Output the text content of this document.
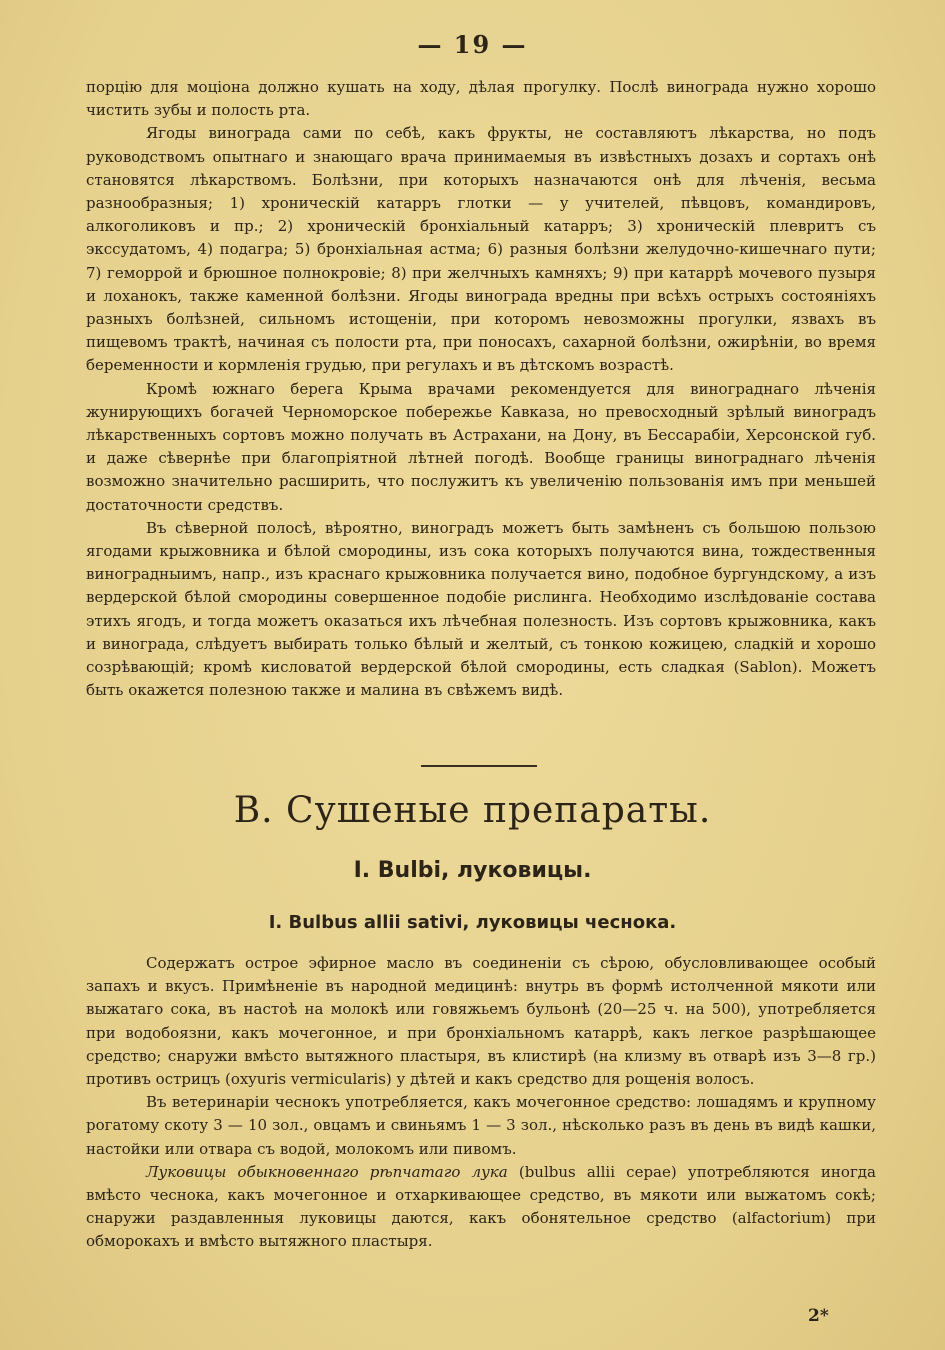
— 19 —

порцію для моціона должно кушать на ходу, дѣлая прогулку. Послѣ винограда нужно хорошо чистить зубы и полость рта.

Ягоды винограда сами по себѣ, какъ фрукты, не составляютъ лѣкарства, но подъ руководствомъ опытнаго и знающаго врача принимаемыя въ извѣстныхъ дозахъ и сортахъ онѣ становятся лѣкарствомъ. Болѣзни, при которыхъ назначаются онѣ для лѣченія, весьма разнообразныя; 1) хроническій катарръ глотки — у учителей, пѣвцовъ, командировъ, алкоголиковъ и пр.; 2) хроническій бронхіальный катарръ; 3) хроническій плевритъ съ экссудатомъ, 4) подагра; 5) бронхіальная астма; 6) разныя болѣзни желудочно-кишечнаго пути; 7) геморрой и брюшное полнокровіе; 8) при желчныхъ камняхъ; 9) при катаррѣ мочевого пузыря и лоханокъ, также каменной болѣзни. Ягоды винограда вредны при всѣхъ острыхъ состояніяхъ разныхъ болѣзней, сильномъ истощеніи, при которомъ невозможны прогулки, язвахъ въ пищевомъ трактѣ, начиная съ полости рта, при поносахъ, сахарной болѣзни, ожирѣніи, во время беременности и кормленія грудью, при регулахъ и въ дѣтскомъ возрастѣ.

Кромѣ южнаго берега Крыма врачами рекомендуется для винограднаго лѣченія жунирующихъ богачей Черноморское побережье Кавказа, но превосходный зрѣлый виноградъ лѣкарственныхъ сортовъ можно получать въ Астрахани, на Дону, въ Бессарабіи, Херсонской губ. и даже сѣвернѣе при благопріятной лѣтней погодѣ. Вообще границы винограднаго лѣченія возможно значительно расширить, что послужитъ къ увеличенію пользованія имъ при меньшей достаточности средствъ.

Въ сѣверной полосѣ, вѣроятно, виноградъ можетъ быть замѣненъ съ большою пользою ягодами крыжовника и бѣлой смородины, изъ сока которыхъ получаются вина, тождественныя виноградныимъ, напр., изъ краснаго крыжовника получается вино, подобное бургундскому, а изъ вердерской бѣлой смородины совершенное подобіе рислинга. Необходимо изслѣдованіе состава этихъ ягодъ, и тогда можетъ оказаться ихъ лѣчебная полезность. Изъ сортовъ крыжовника, какъ и винограда, слѣдуетъ выбирать только бѣлый и желтый, съ тонкою кожицею, сладкій и хорошо созрѣвающій; кромѣ кисловатой вердерской бѣлой смородины, есть сладкая (Sablon). Можетъ быть окажется полезною также и малина въ свѣжемъ видѣ.

B. Сушеные препараты.
I. Bulbi, луковицы.
I. Bulbus allii sativi, луковицы чеснока.

Содержатъ острое эфирное масло въ соединеніи съ сѣрою, обусловливающее особый запахъ и вкусъ. Примѣненіе въ народной медицинѣ: внутрь въ формѣ истолченной мякоти или выжатаго сока, въ настоѣ на молокѣ или говяжьемъ бульонѣ (20—25 ч. на 500), употребляется при водобоязни, какъ мочегонное, и при бронхіальномъ катаррѣ, какъ легкое разрѣшающее средство; снаружи вмѣсто вытяжного пластыря, въ клистирѣ (на клизму въ отварѣ изъ 3—8 гр.) противъ острицъ (oxyuris vermicularis) у дѣтей и какъ средство для рощенія волосъ.

Въ ветеринаріи чеснокъ употребляется, какъ мочегонное средство: лошадямъ и крупному рогатому скоту 3 — 10 зол., овцамъ и свиньямъ 1 — 3 зол., нѣсколько разъ въ день въ видѣ кашки, настойки или отвара съ водой, молокомъ или пивомъ.

Луковицы обыкновеннаго рѣпчатаго лука (bulbus allii cepae) употребляются иногда вмѣсто чеснока, какъ мочегонное и отхаркивающее средство, въ мякоти или выжатомъ сокѣ; снаружи раздавленныя луковицы даются, какъ обонятельное средство (alfactorium) при обморокахъ и вмѣсто вытяжного пластыря.

2*
